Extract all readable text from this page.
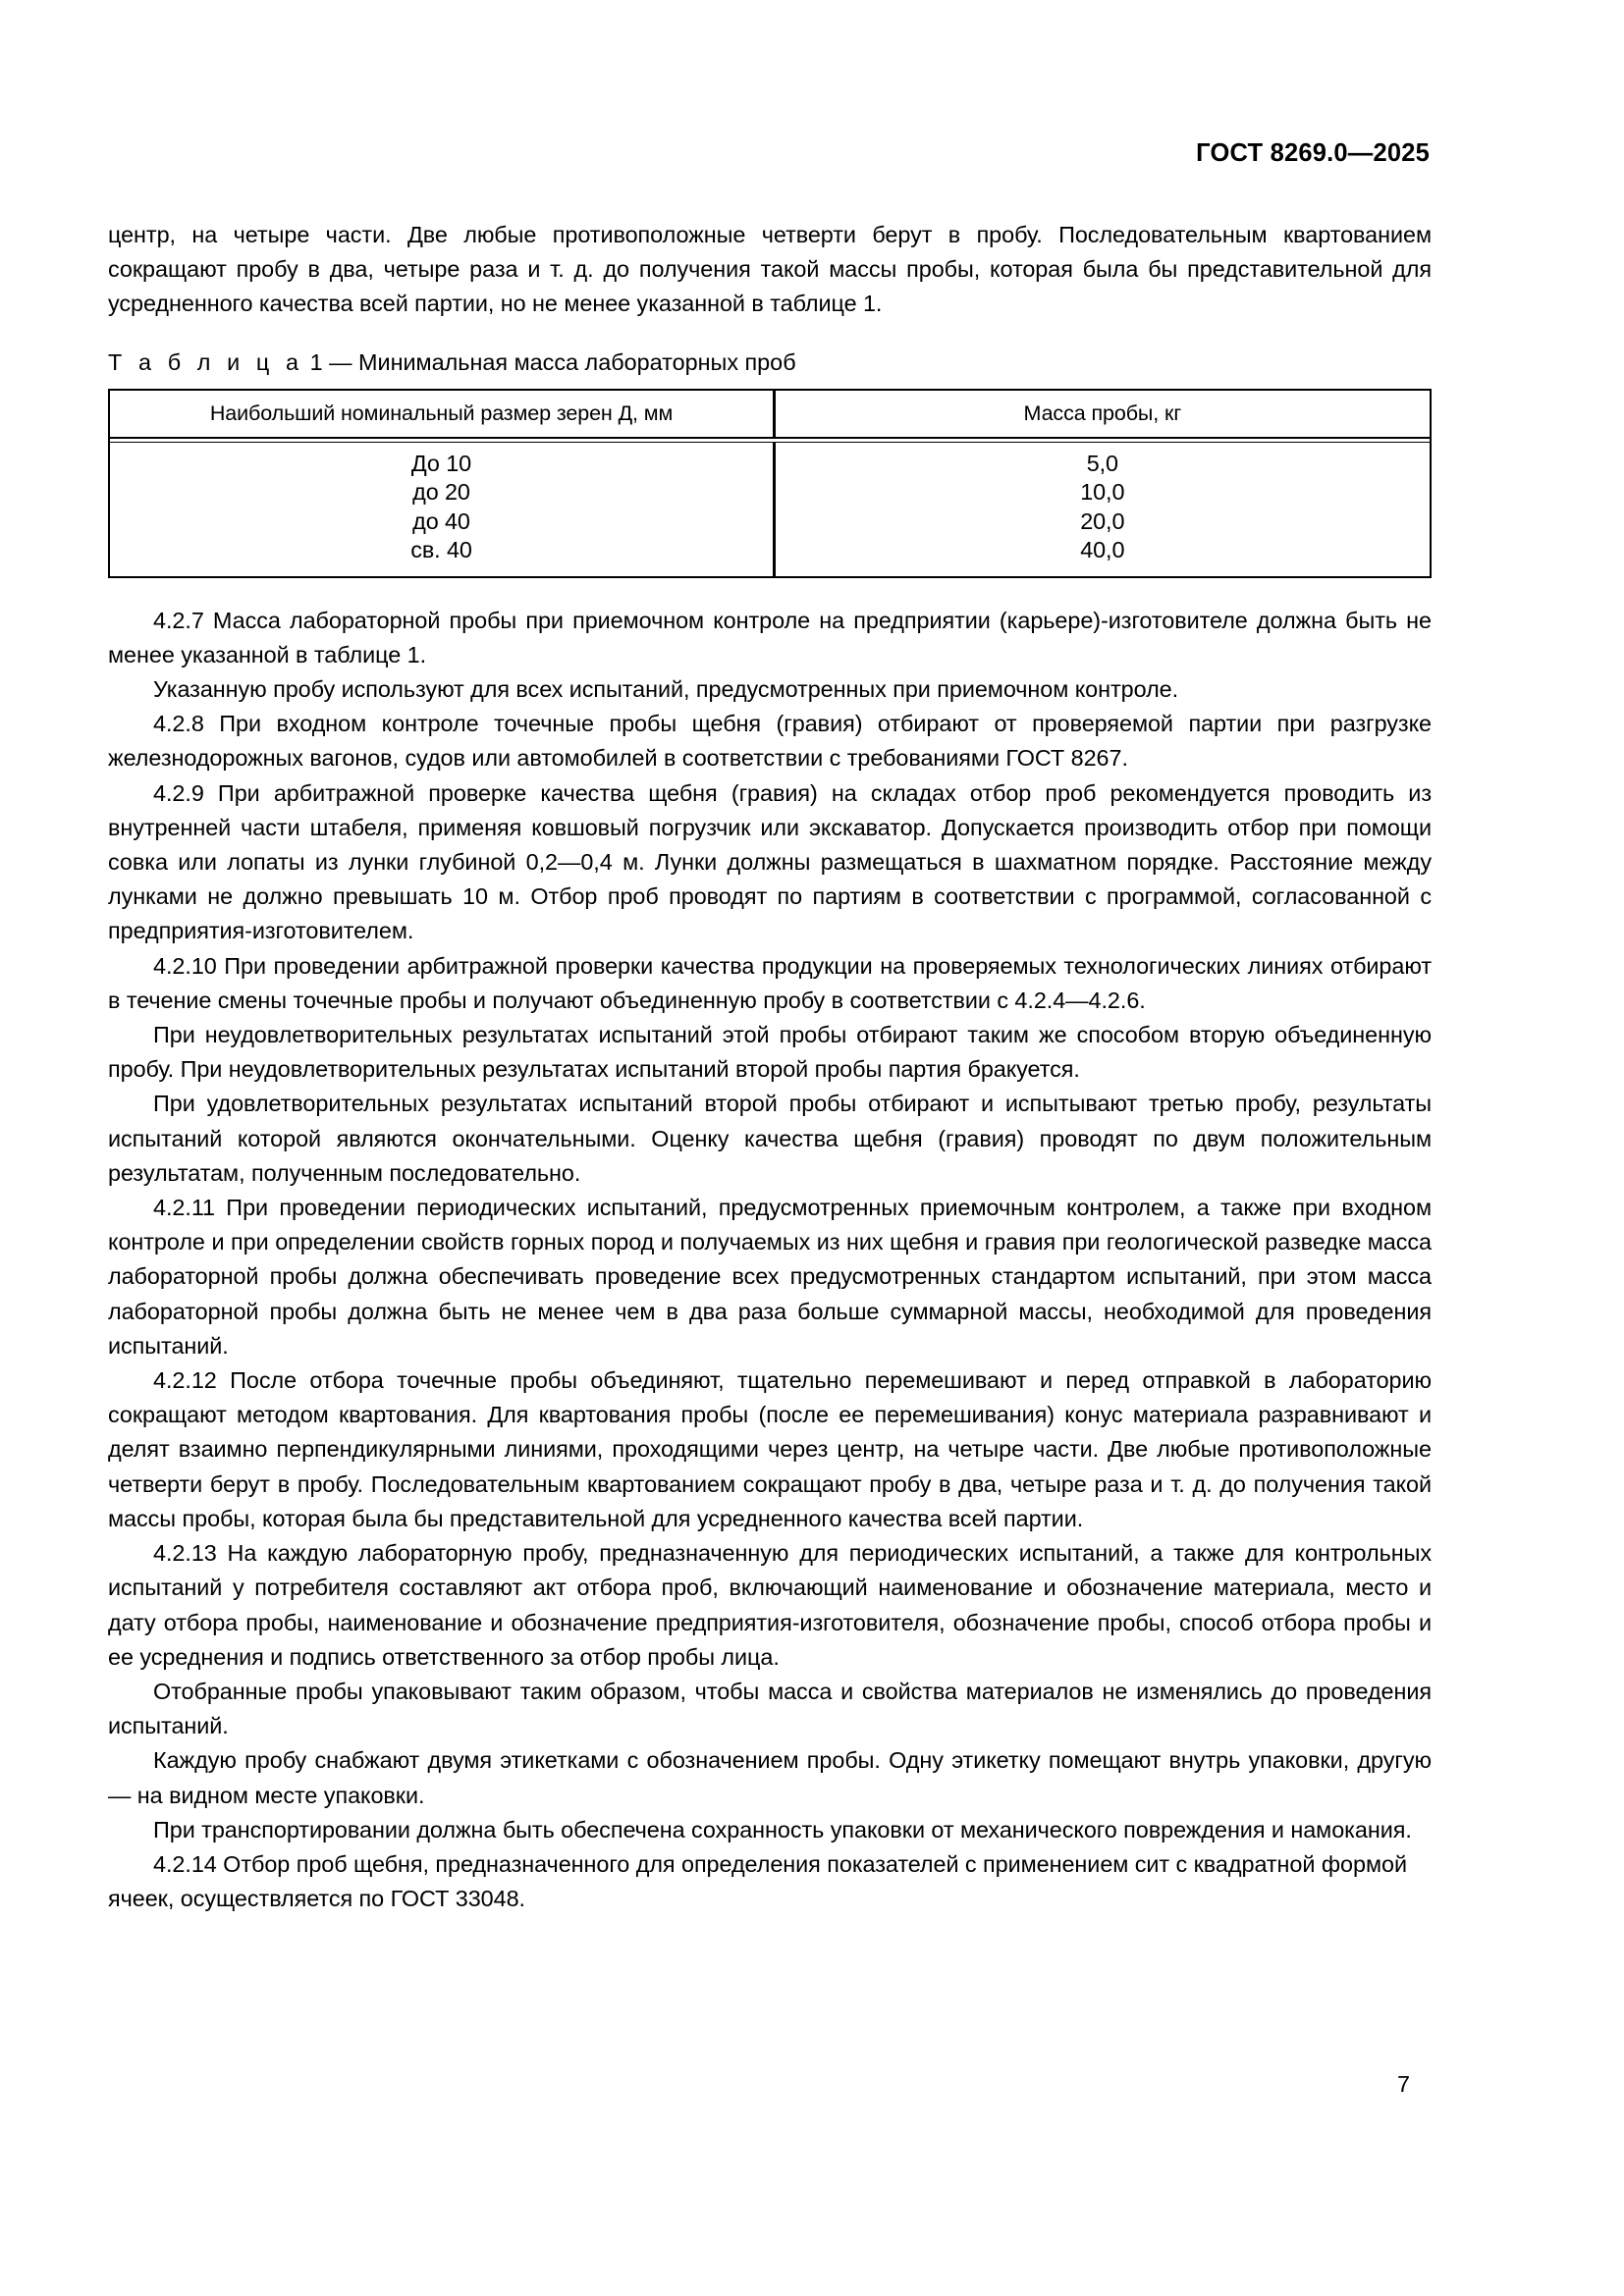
ГОСТ 8269.0—2025

центр, на четыре части. Две любые противоположные четверти берут в пробу. Последовательным квартованием сокращают пробу в два, четыре раза и т. д. до получения такой массы пробы, которая была бы представительной для усредненного качества всей партии, но не менее указанной в таблице 1.

Т а б л и ц а 1 — Минимальная масса лабораторных проб
Наибольший номинальный размер зерен Д, мм	Масса пробы, кг
До 10
до 20
до 40
св. 40
5,0
10,0
20,0
40,0

4.2.7 Масса лабораторной пробы при приемочном контроле на предприятии (карьере)-изготовителе должна быть не менее указанной в таблице 1.

Указанную пробу используют для всех испытаний, предусмотренных при приемочном контроле.

4.2.8 При входном контроле точечные пробы щебня (гравия) отбирают от проверяемой партии при разгрузке железнодорожных вагонов, судов или автомобилей в соответствии с требованиями ГОСТ 8267.

4.2.9 При арбитражной проверке качества щебня (гравия) на складах отбор проб рекомендуется проводить из внутренней части штабеля, применяя ковшовый погрузчик или экскаватор. Допускается производить отбор при помощи совка или лопаты из лунки глубиной 0,2—0,4 м. Лунки должны размещаться в шахматном порядке. Расстояние между лунками не должно превышать 10 м. Отбор проб проводят по партиям в соответствии с программой, согласованной с предприятия-изготовителем.

4.2.10 При проведении арбитражной проверки качества продукции на проверяемых технологических линиях отбирают в течение смены точечные пробы и получают объединенную пробу в соответствии с 4.2.4—4.2.6.

При неудовлетворительных результатах испытаний этой пробы отбирают таким же способом вторую объединенную пробу. При неудовлетворительных результатах испытаний второй пробы партия бракуется.

При удовлетворительных результатах испытаний второй пробы отбирают и испытывают третью пробу, результаты испытаний которой являются окончательными. Оценку качества щебня (гравия) проводят по двум положительным результатам, полученным последовательно.

4.2.11 При проведении периодических испытаний, предусмотренных приемочным контролем, а также при входном контроле и при определении свойств горных пород и получаемых из них щебня и гравия при геологической разведке масса лабораторной пробы должна обеспечивать проведение всех предусмотренных стандартом испытаний, при этом масса лабораторной пробы должна быть не менее чем в два раза больше суммарной массы, необходимой для проведения испытаний.

4.2.12 После отбора точечные пробы объединяют, тщательно перемешивают и перед отправкой в лабораторию сокращают методом квартования. Для квартования пробы (после ее перемешивания) конус материала разравнивают и делят взаимно перпендикулярными линиями, проходящими через центр, на четыре части. Две любые противоположные четверти берут в пробу. Последовательным квартованием сокращают пробу в два, четыре раза и т. д. до получения такой массы пробы, которая была бы представительной для усредненного качества всей партии.

4.2.13 На каждую лабораторную пробу, предназначенную для периодических испытаний, а также для контрольных испытаний у потребителя составляют акт отбора проб, включающий наименование и обозначение материала, место и дату отбора пробы, наименование и обозначение предприятия-изготовителя, обозначение пробы, способ отбора пробы и ее усреднения и подпись ответственного за отбор пробы лица.

Отобранные пробы упаковывают таким образом, чтобы масса и свойства материалов не изменялись до проведения испытаний.

Каждую пробу снабжают двумя этикетками с обозначением пробы. Одну этикетку помещают внутрь упаковки, другую — на видном месте упаковки.

При транспортировании должна быть обеспечена сохранность упаковки от механического повреждения и намокания.

4.2.14 Отбор проб щебня, предназначенного для определения показателей с применением сит с квадратной формой ячеек, осуществляется по ГОСТ 33048.

7
